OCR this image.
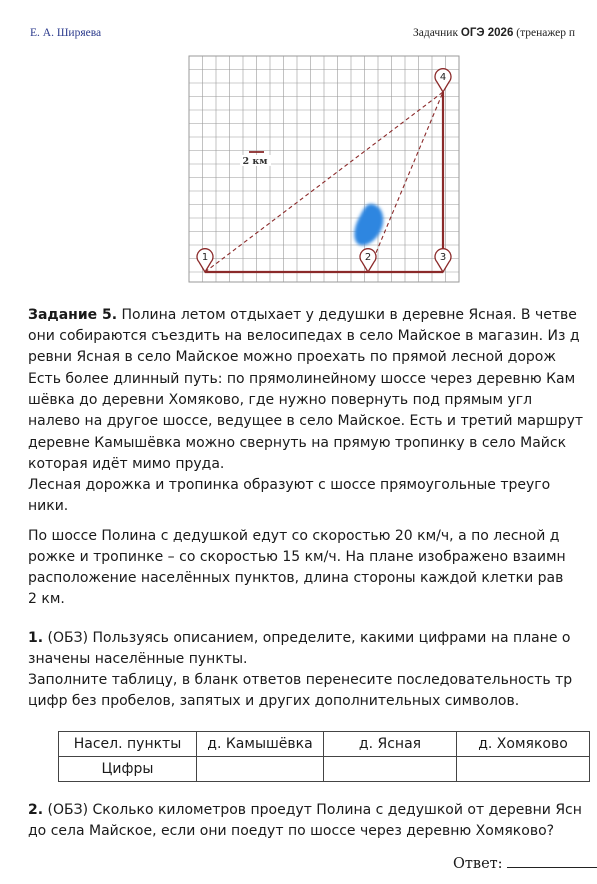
Е. А. Ширяева	Задачник ОГЭ 2026 (тренажер п
2 км
1	2	3
4

Задание 5. Полина летом отдыхает у дедушки в деревне Ясная. В четве

они собираются съездить на велосипедах в село Майское в магазин. Из д

ревни Ясная в село Майское можно проехать по прямой лесной дорож

Есть более длинный путь: по прямолинейному шоссе через деревню Кам

шёвка до деревни Хомяково, где нужно повернуть под прямым угл

налево на другое шоссе, ведущее в село Майское. Есть и третий маршрут

деревне Камышёвка можно свернуть на прямую тропинку в село Майск

которая идёт мимо пруда.

Лесная дорожка и тропинка образуют с шоссе прямоугольные треуго

ники.

По шоссе Полина с дедушкой едут со скоростью 20 км/ч, а по лесной д

рожке и тропинке – со скоростью 15 км/ч. На плане изображено взаимн

расположение населённых пунктов, длина стороны каждой клетки рав

2 км.

1. (ОБЗ) Пользуясь описанием, определите, какими цифрами на плане о

значены населённые пункты.

Заполните таблицу, в бланк ответов перенесите последовательность тр

цифр без пробелов, запятых и других дополнительных символов.

Насел. пункты	д. Камышёвка	д. Ясная	д. Хомяково
Цифры			

2. (ОБЗ) Сколько километров проедут Полина с дедушкой от деревни Ясн

до села Майское, если они поедут по шоссе через деревню Хомяково?

Ответ:
